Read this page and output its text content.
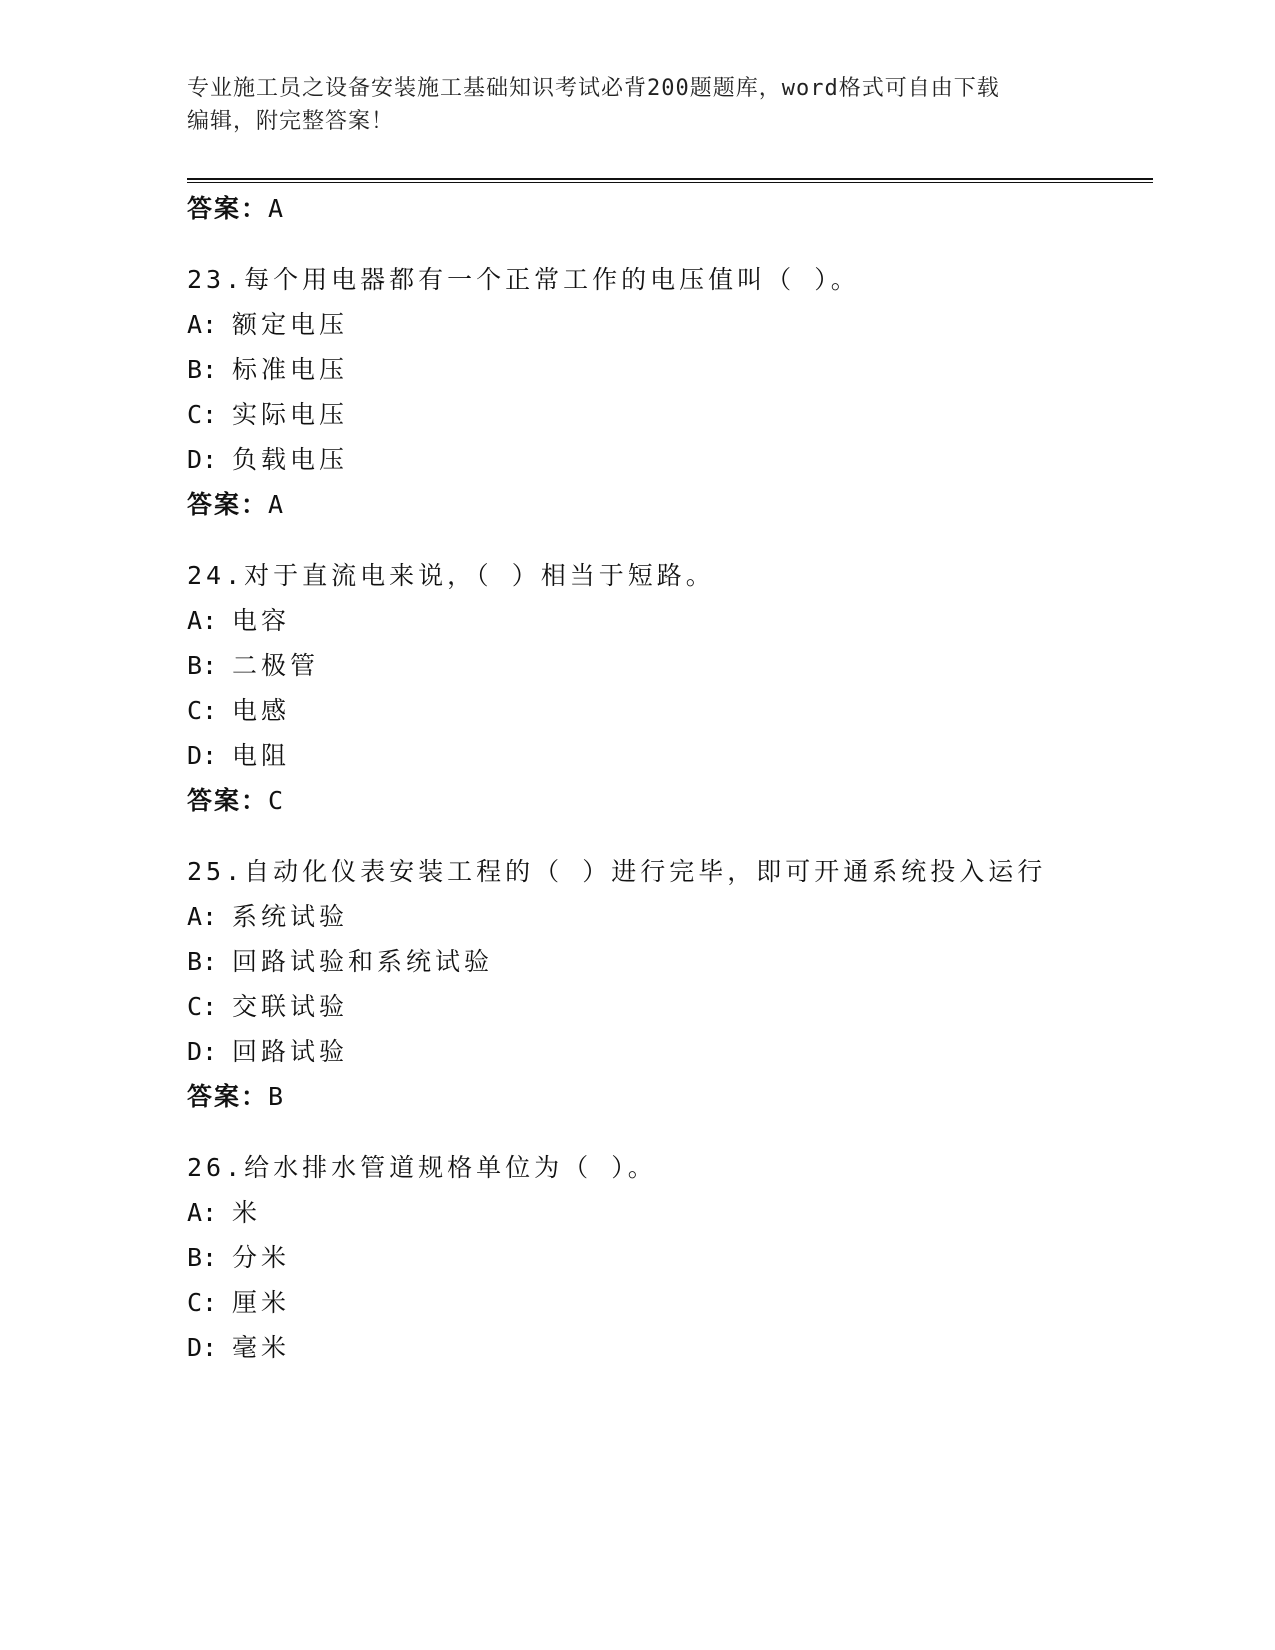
专业施工员之设备安装施工基础知识考试必背200题题库，word格式可自由下载
编辑，附完整答案！
答案：A
23.每个用电器都有一个正常工作的电压值叫（ ）。
A: 额定电压
B: 标准电压
C: 实际电压
D: 负载电压
答案：A
24.对于直流电来说，（ ）相当于短路。
A: 电容
B: 二极管
C: 电感
D: 电阻
答案：C
25.自动化仪表安装工程的（ ）进行完毕，即可开通系统投入运行
A: 系统试验
B: 回路试验和系统试验
C: 交联试验
D: 回路试验
答案：B
26.给水排水管道规格单位为（ ）。
A: 米
B: 分米
C: 厘米
D: 毫米
